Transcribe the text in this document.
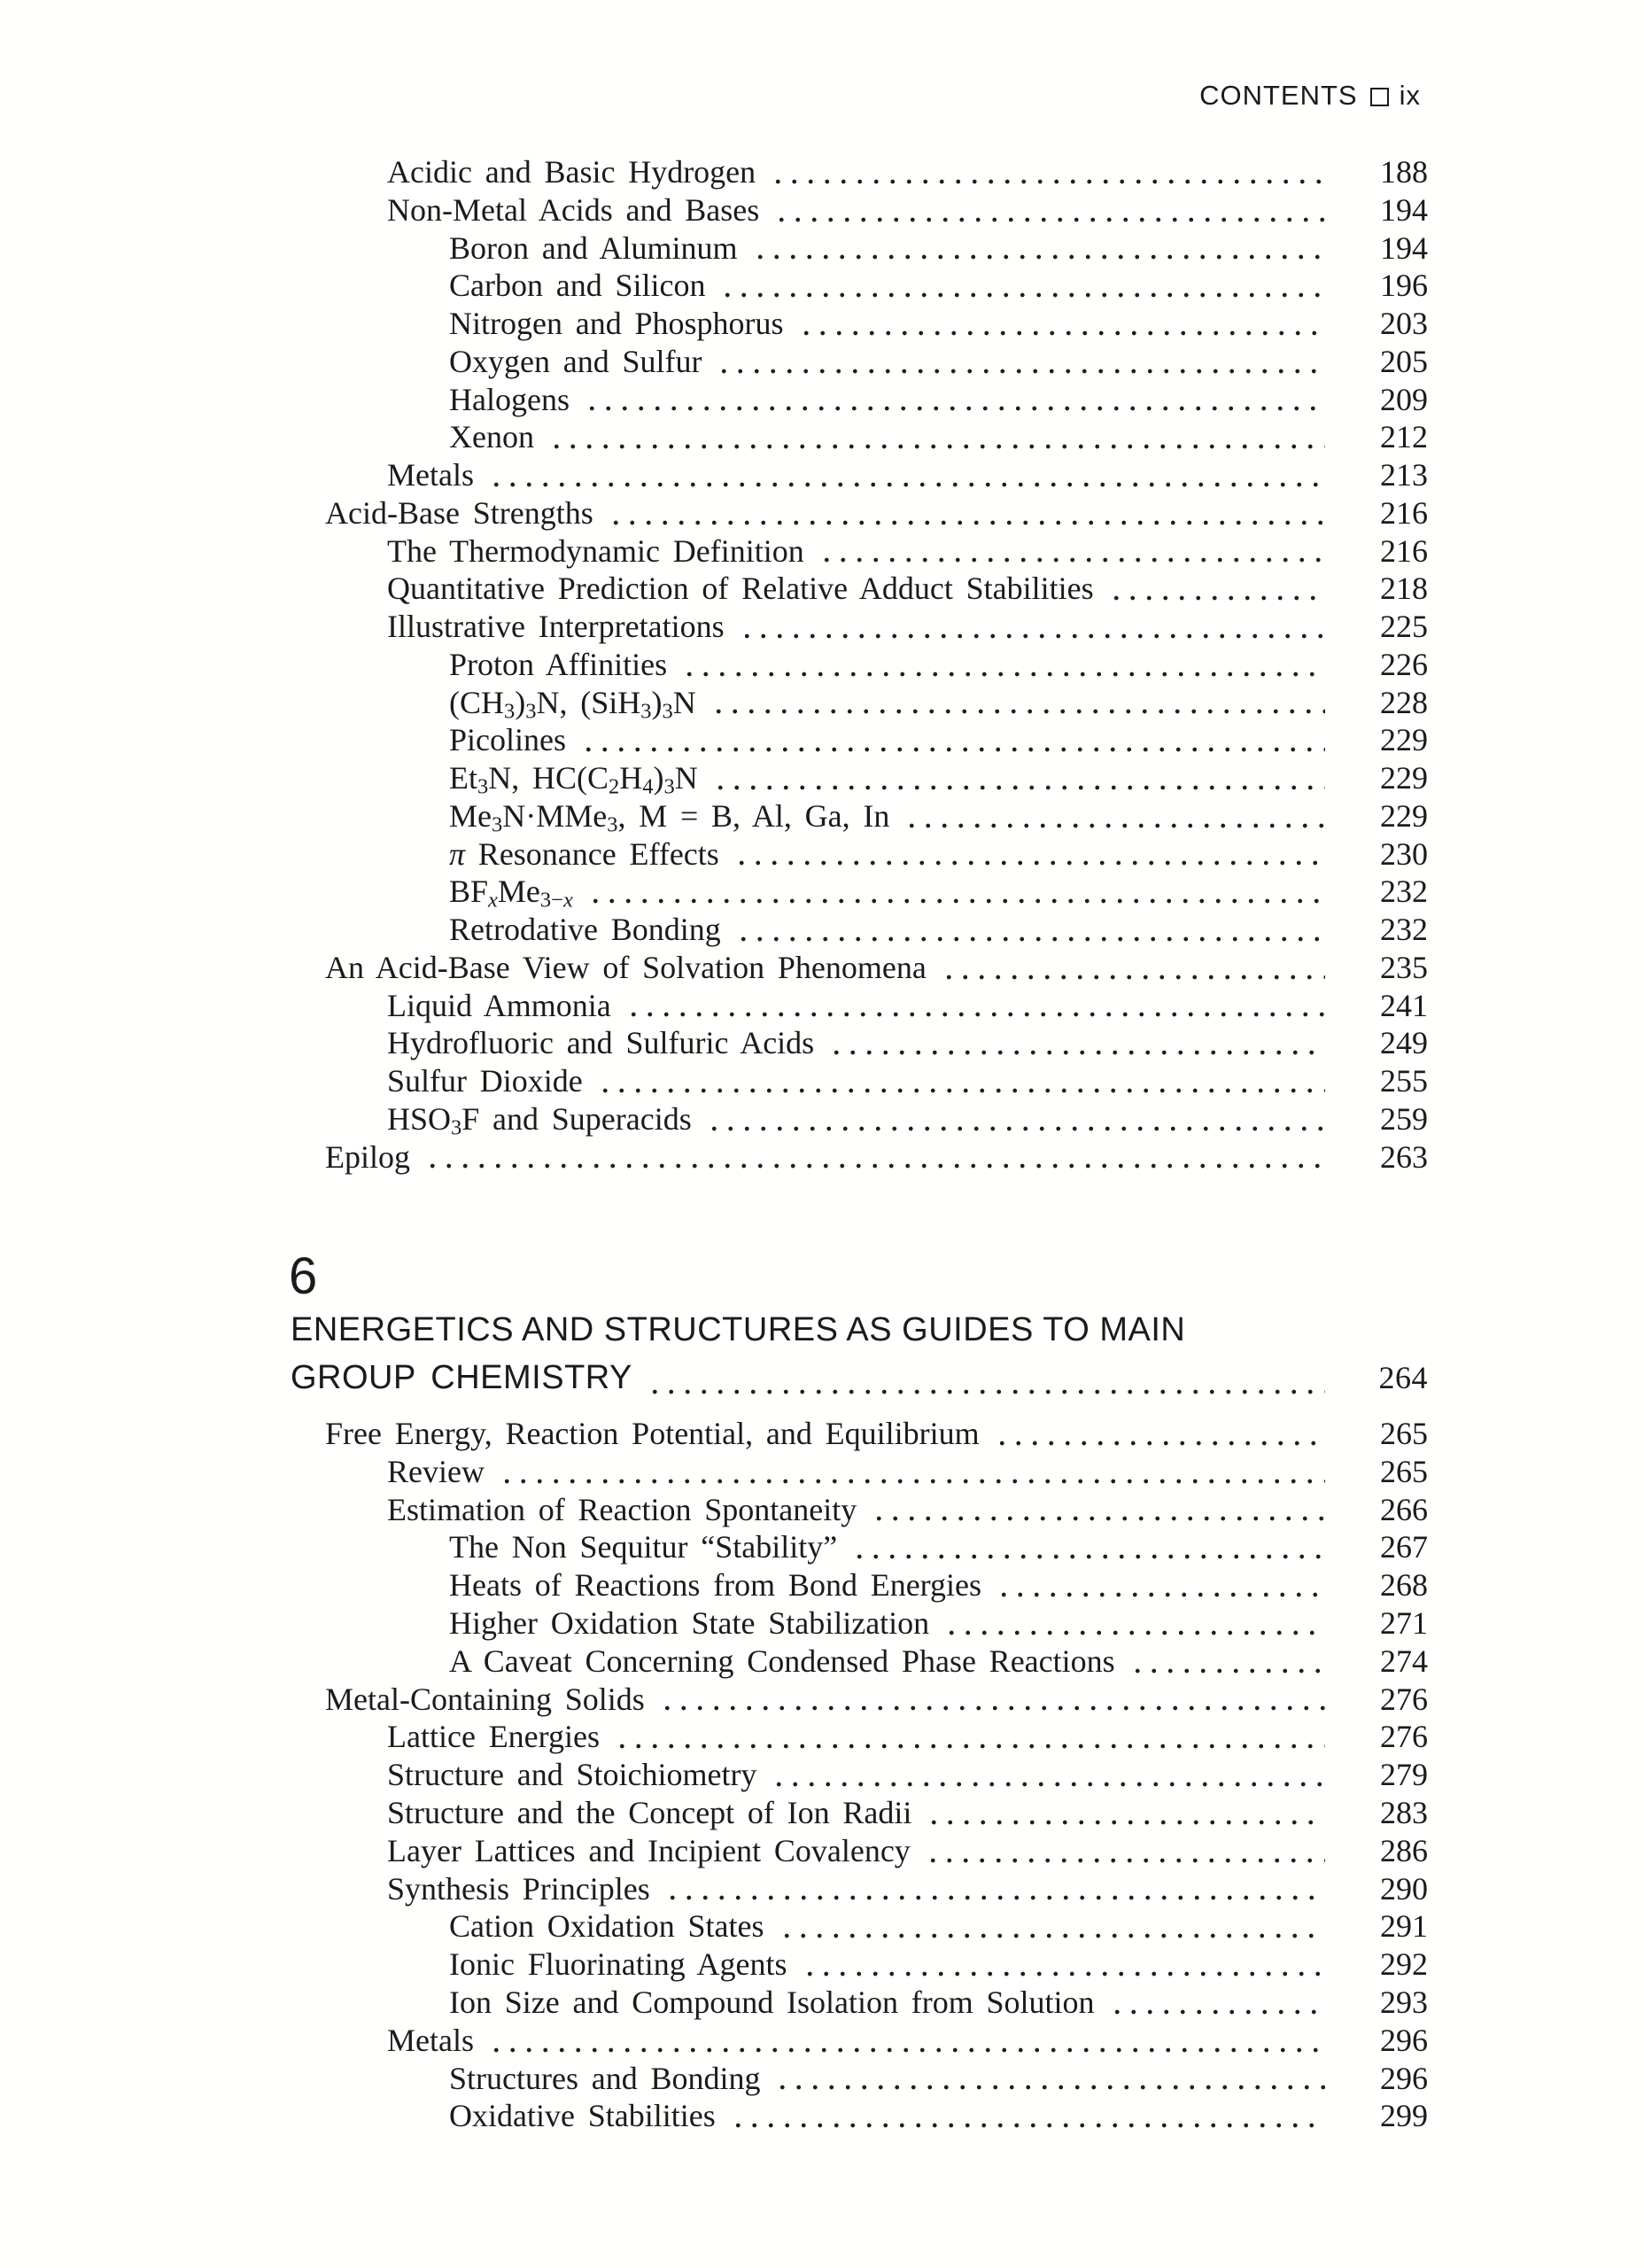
CONTENTS ix
Acidic and Basic Hydrogen	188
Non-Metal Acids and Bases	194
Boron and Aluminum	194
Carbon and Silicon	196
Nitrogen and Phosphorus	203
Oxygen and Sulfur	205
Halogens	209
Xenon	212
Metals	213
Acid-Base Strengths	216
The Thermodynamic Definition	216
Quantitative Prediction of Relative Adduct Stabilities	218
Illustrative Interpretations	225
Proton Affinities	226
$(CH_3)_3N$, $(SiH_3)_3N$	228
Picolines	229
$Et_3N$, $HC(C_2H_4)_3N$	229
$Me_3N\cdot MMe_3$, M = B, Al, Ga, In	229
π Resonance Effects	230
$BF_xMe_{3-x}$	232
Retrodative Bonding	232
An Acid-Base View of Solvation Phenomena	235
Liquid Ammonia	241
Hydrofluoric and Sulfuric Acids	249
Sulfur Dioxide	255
$HSO_3F$ and Superacids	259
Epilog	263
6
ENERGETICS AND STRUCTURES AS GUIDES TO MAIN
GROUP CHEMISTRY	264
Free Energy, Reaction Potential, and Equilibrium	265
Review	265
Estimation of Reaction Spontaneity	266
The Non Sequitur “Stability”	267
Heats of Reactions from Bond Energies	268
Higher Oxidation State Stabilization	271
A Caveat Concerning Condensed Phase Reactions	274
Metal-Containing Solids	276
Lattice Energies	276
Structure and Stoichiometry	279
Structure and the Concept of Ion Radii	283
Layer Lattices and Incipient Covalency	286
Synthesis Principles	290
Cation Oxidation States	291
Ionic Fluorinating Agents	292
Ion Size and Compound Isolation from Solution	293
Metals	296
Structures and Bonding	296
Oxidative Stabilities	299
